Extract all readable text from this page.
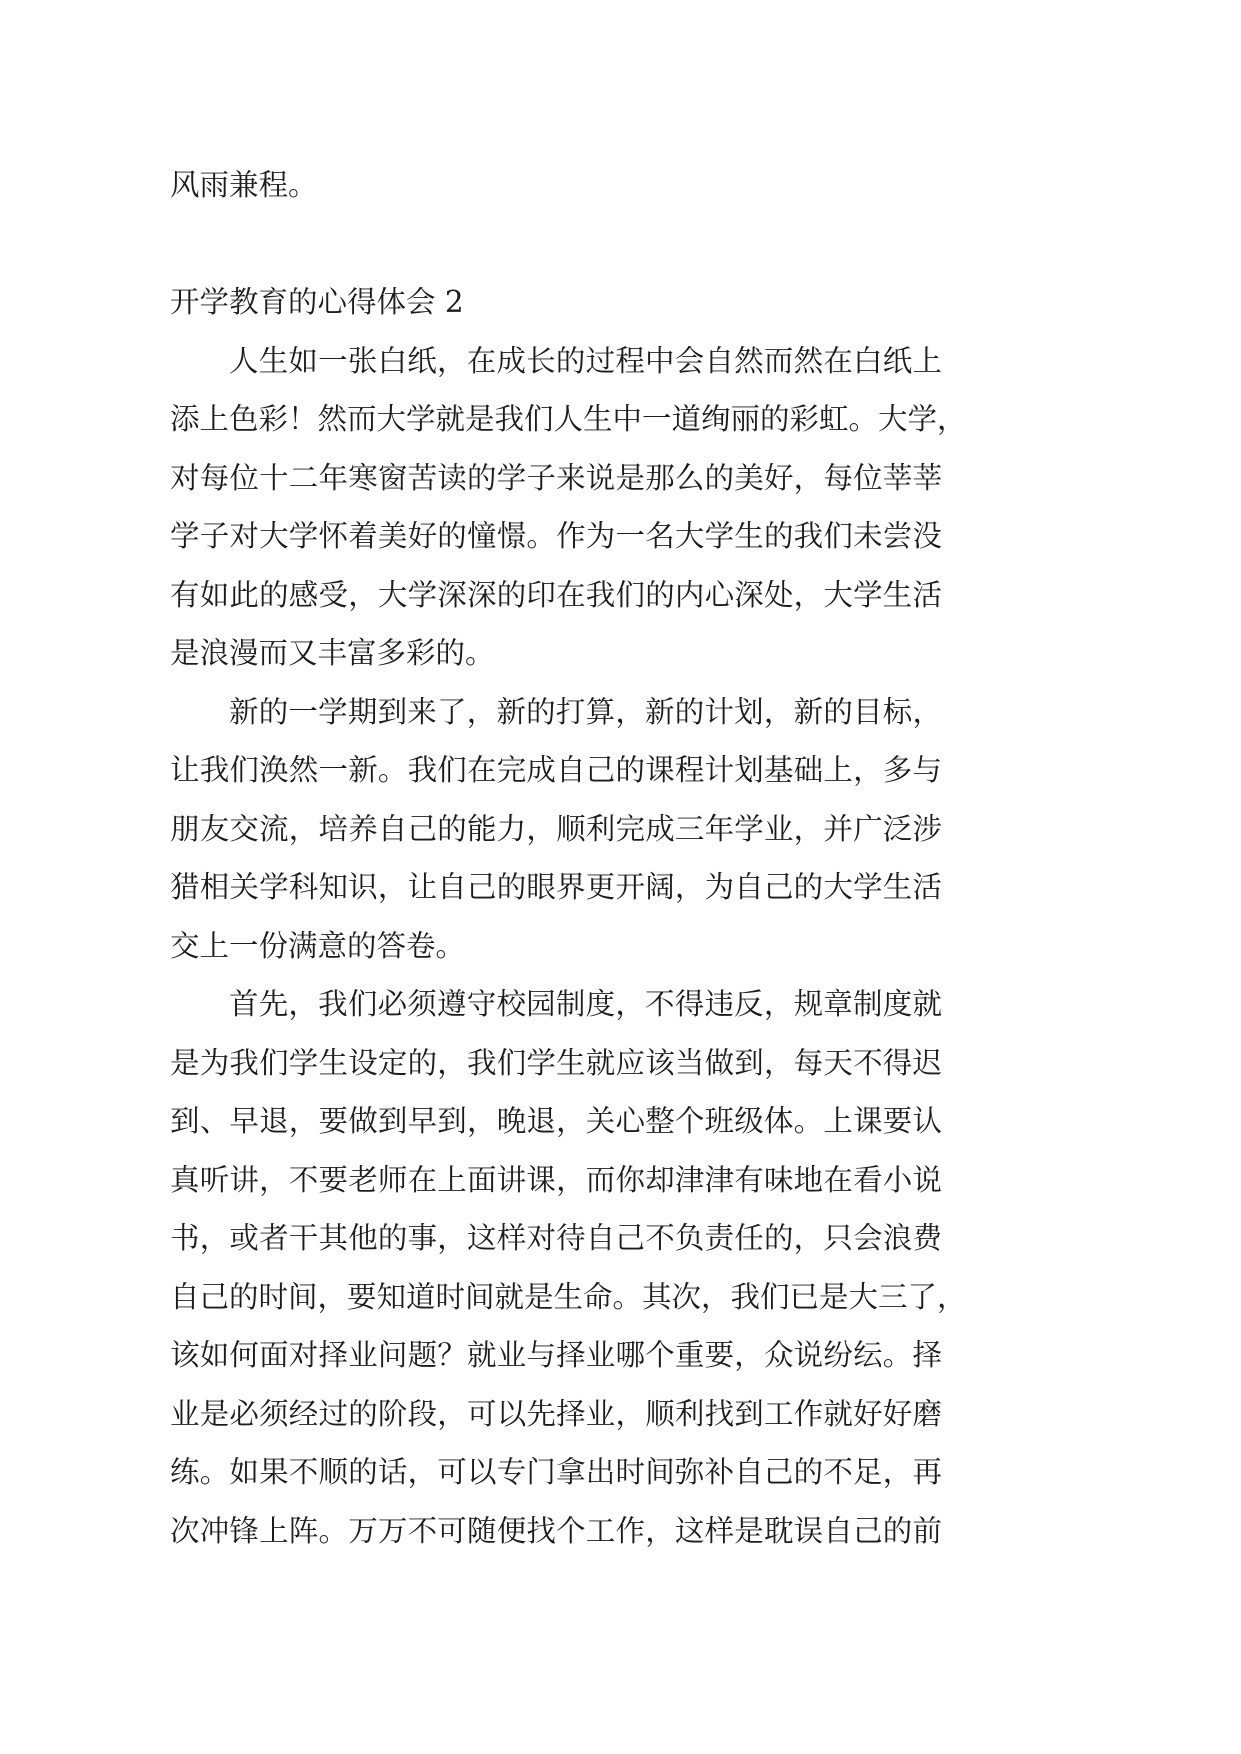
风雨兼程。
开学教育的心得体会 2
人生如一张白纸，在成长的过程中会自然而然在白纸上
添上色彩！然而大学就是我们人生中一道绚丽的彩虹。大学，
对每位十二年寒窗苦读的学子来说是那么的美好，每位莘莘
学子对大学怀着美好的憧憬。作为一名大学生的我们未尝没
有如此的感受，大学深深的印在我们的内心深处，大学生活
是浪漫而又丰富多彩的。
新的一学期到来了，新的打算，新的计划，新的目标，
让我们涣然一新。我们在完成自己的课程计划基础上，多与
朋友交流，培养自己的能力，顺利完成三年学业，并广泛涉
猎相关学科知识，让自己的眼界更开阔，为自己的大学生活
交上一份满意的答卷。
首先，我们必须遵守校园制度，不得违反，规章制度就
是为我们学生设定的，我们学生就应该当做到，每天不得迟
到、早退，要做到早到，晚退，关心整个班级体。上课要认
真听讲，不要老师在上面讲课，而你却津津有味地在看小说
书，或者干其他的事，这样对待自己不负责任的，只会浪费
自己的时间，要知道时间就是生命。其次，我们已是大三了，
该如何面对择业问题？就业与择业哪个重要，众说纷纭。择
业是必须经过的阶段，可以先择业，顺利找到工作就好好磨
练。如果不顺的话，可以专门拿出时间弥补自己的不足，再
次冲锋上阵。万万不可随便找个工作，这样是耽误自己的前
